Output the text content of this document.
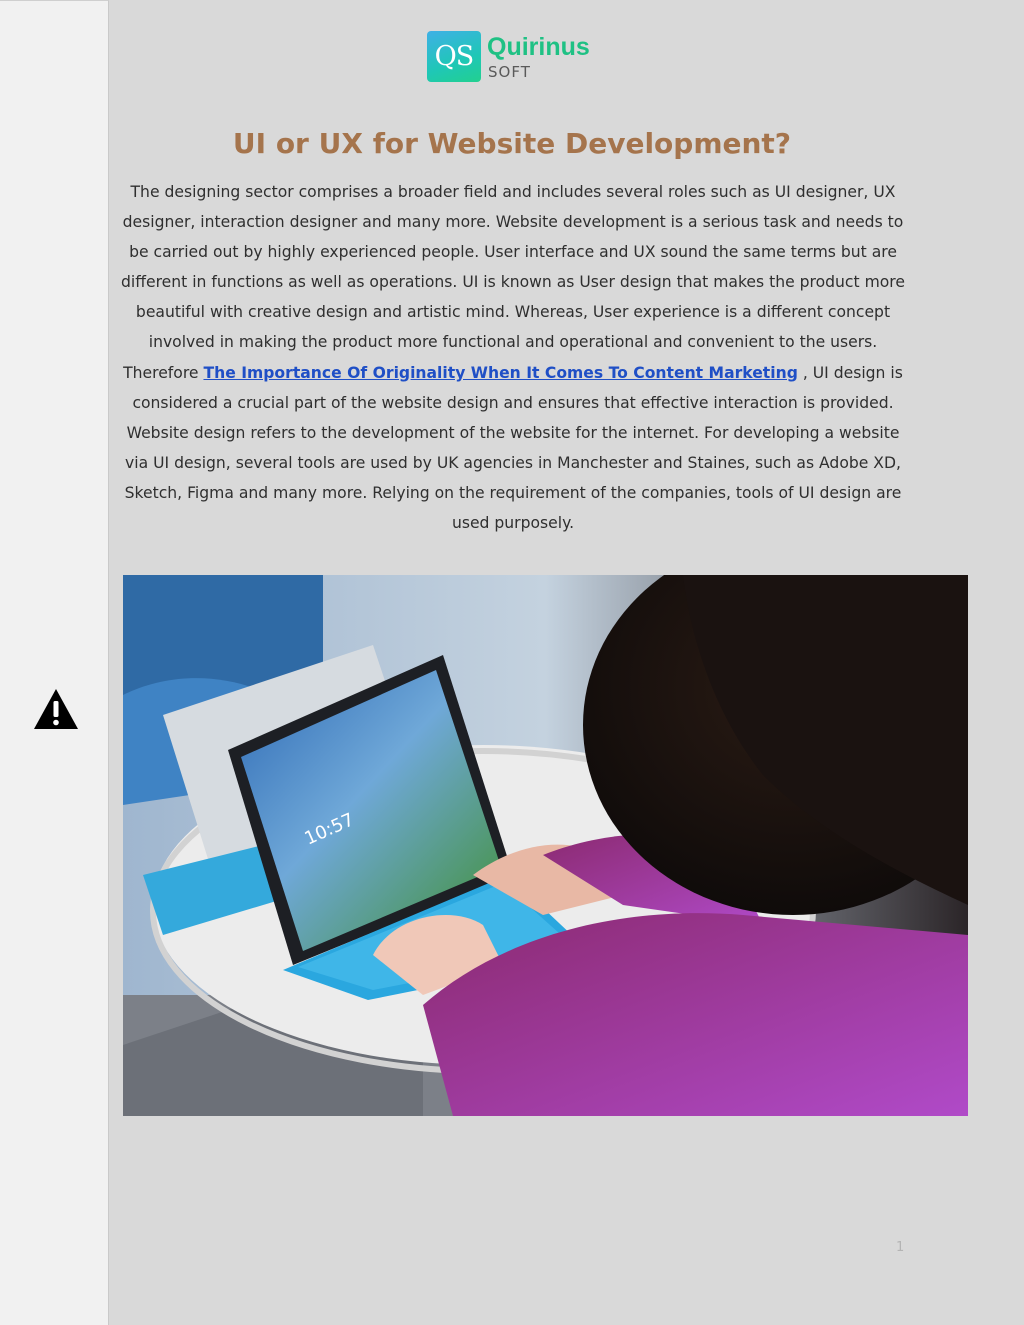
QS Quirinus
SOFT
UI or UX for Website Development?

The designing sector comprises a broader field and includes several roles such as UI designer, UX designer, interaction designer and many more. Website development is a serious task and needs to be carried out by highly experienced people. User interface and UX sound the same terms but are different in functions as well as operations. UI is known as User design that makes the product more beautiful with creative design and artistic mind. Whereas, User experience is a different concept involved in making the product more functional and operational and convenient to the users. Therefore The Importance Of Originality When It Comes To Content Marketing , UI design is considered a crucial part of the website design and ensures that effective interaction is provided. Website design refers to the development of the website for the internet. For developing a website via UI design, several tools are used by UK agencies in Manchester and Staines, such as Adobe XD, Sketch, Figma and many more. Relying on the requirement of the companies, tools of UI design are used purposely.

10:57
1
